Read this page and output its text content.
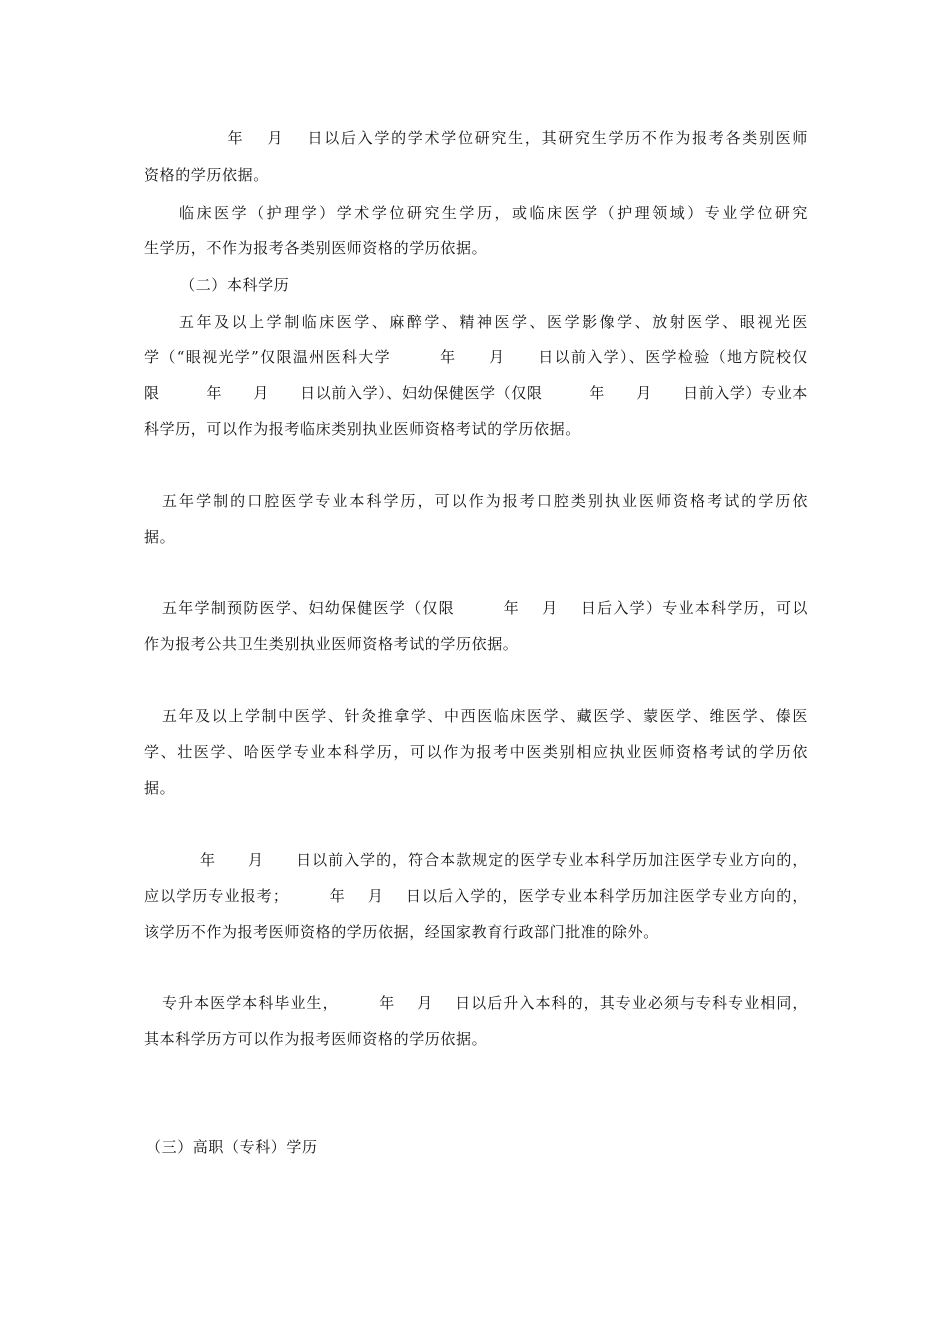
　　　　　年　 月　 日以后入学的学术学位研究生，其研究生学历不作为报考各类别医师
资格的学历依据。
　　临床医学（护理学）学术学位研究生学历，或临床医学（护理领域）专业学位研究
生学历，不作为报考各类别医师资格的学历依据。
　（二）本科学历
　　五年及以上学制临床医学、麻醉学、精神医学、医学影像学、放射医学、眼视光医
学（“眼视光学”仅限温州医科大学　　　年　　月　　日以前入学）、医学检验（地方院校仅
限　　　年　　月　　日以前入学）、妇幼保健医学（仅限　　　年　　月　　日前入学）专业本
科学历，可以作为报考临床类别执业医师资格考试的学历依据。
五年学制的口腔医学专业本科学历，可以作为报考口腔类别执业医师资格考试的学历依
据。
五年学制预防医学、妇幼保健医学（仅限　　　年　 月　 日后入学）专业本科学历，可以
作为报考公共卫生类别执业医师资格考试的学历依据。
五年及以上学制中医学、针灸推拿学、中西医临床医学、藏医学、蒙医学、维医学、傣医
学、壮医学、哈医学专业本科学历，可以作为报考中医类别相应执业医师资格考试的学历依
据。
　　年　　月　　日以前入学的，符合本款规定的医学专业本科学历加注医学专业方向的，
应以学历专业报考；　　　年　 月　 日以后入学的，医学专业本科学历加注医学专业方向的，
该学历不作为报考医师资格的学历依据，经国家教育行政部门批准的除外。
专升本医学本科毕业生，　　　年　 月　 日以后升入本科的，其专业必须与专科专业相同，
其本科学历方可以作为报考医师资格的学历依据。
（三）高职（专科）学历
